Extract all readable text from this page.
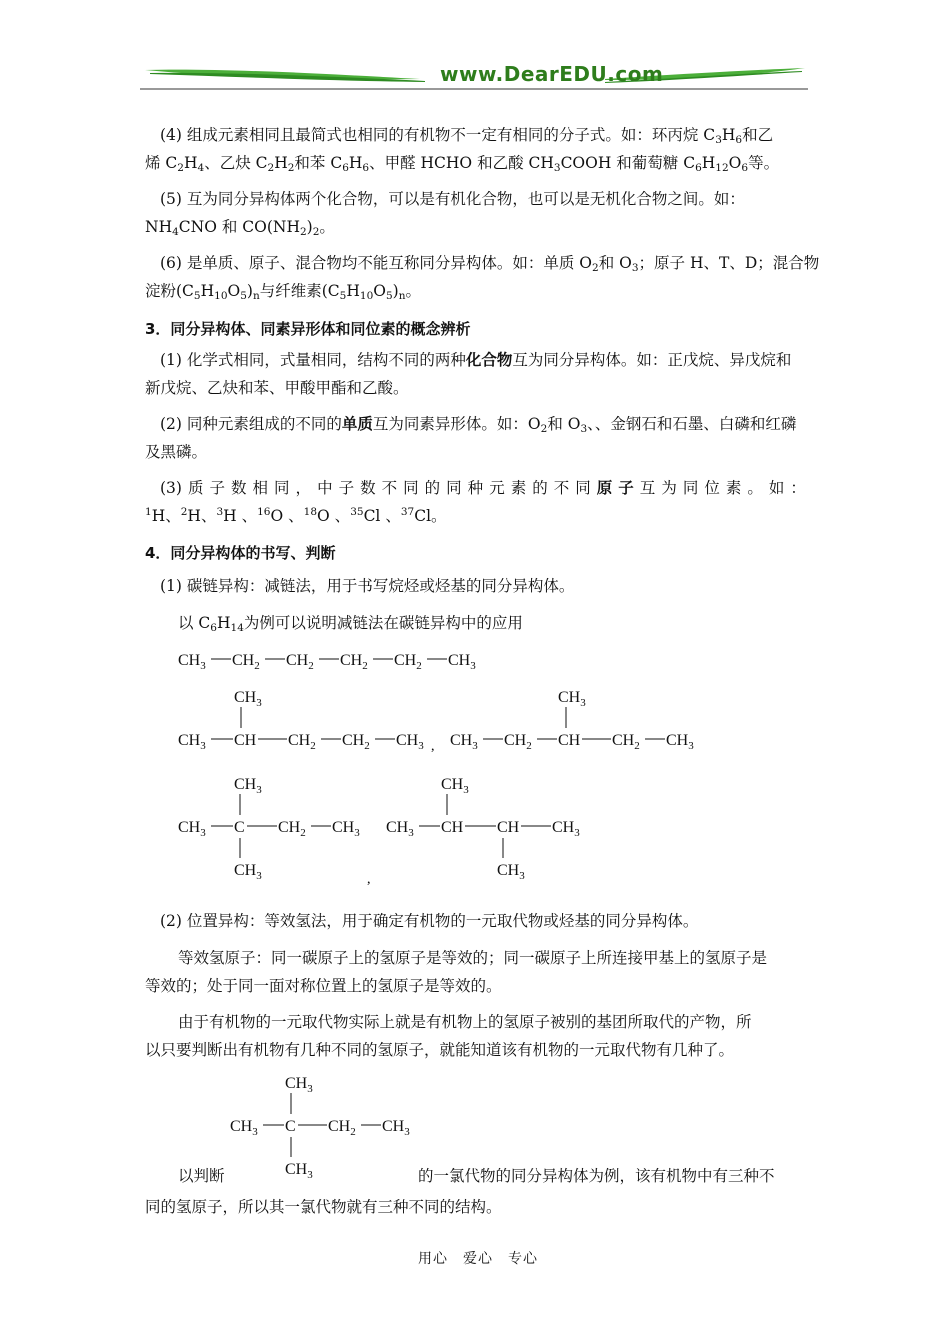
www.DearEDU.com
(4) 组成元素相同且最简式也相同的有机物不一定有相同的分子式。如：环丙烷 $C_3H_6$和乙
烯 $C_2H_4$、乙炔 $C_2H_2$和苯 $C_6H_6$、甲醛 HCHO 和乙酸 $CH_3COOH$ 和葡萄糖 $C_6H_{12}O_6$等。
(5) 互为同分异构体两个化合物，可以是有机化合物，也可以是无机化合物之间。如：
$NH_4CNO$ 和 $CO(NH_2)_2$。
(6) 是单质、原子、混合物均不能互称同分异构体。如：单质 $O_2$和 $O_3$；原子 H、T、D；混合物
淀粉$(C_5H_{10}O_5)_n$与纤维素$(C_5H_{10}O_5)_n$。
3．同分异构体、同素异形体和同位素的概念辨析
(1) 化学式相同，式量相同，结构不同的两种化合物互为同分异构体。如：正戊烷、异戊烷和
新戊烷、乙炔和苯、甲酸甲酯和乙酸。
(2) 同种元素组成的不同的单质互为同素异形体。如：$O_2$和 $O_3$、、金钢石和石墨、白磷和红磷
及黑磷。
(3) 质 子 数 相 同 ， 中 子 数 不 同 的 同 种 元 素 的 不 同 原 子 互 为 同 位 素 。 如 ：
$^1$H、$^2$H、$^3$H 、$^{16}$O 、$^{18}$O 、$^{35}$Cl 、$^{37}$Cl。
4．同分异构体的书写、判断
(1) 碳链异构：减链法，用于书写烷烃或烃基的同分异构体。
以 $C_6H_{14}$为例可以说明减链法在碳链异构中的应用
$CH_3$ $CH_2$ $CH_2$ $CH_2$ $CH_2$ $CH_3$
$CH_3$
$CH_3$ CH $CH_2$ $CH_2$ $CH_3$ ,
$CH_3$
$CH_3$ $CH_2$ CH $CH_2$ $CH_3$
$CH_3$
$CH_3$
$CH_3$ C $CH_2$ $CH_3$
,
$CH_3$
$CH_3$
$CH_3$ CH CH $CH_3$
$CH_3$
$CH_3$
$CH_3$ C $CH_2$ $CH_3$
(2) 位置异构：等效氢法，用于确定有机物的一元取代物或烃基的同分异构体。
等效氢原子：同一碳原子上的氢原子是等效的；同一碳原子上所连接甲基上的氢原子是
等效的；处于同一面对称位置上的氢原子是等效的。
由于有机物的一元取代物实际上就是有机物上的氢原子被别的基团所取代的产物，所
以只要判断出有机物有几种不同的氢原子，就能知道该有机物的一元取代物有几种了。
以判断	的一氯代物的同分异构体为例，该有机物中有三种不
同的氢原子，所以其一氯代物就有三种不同的结构。
用心　爱心　专心
